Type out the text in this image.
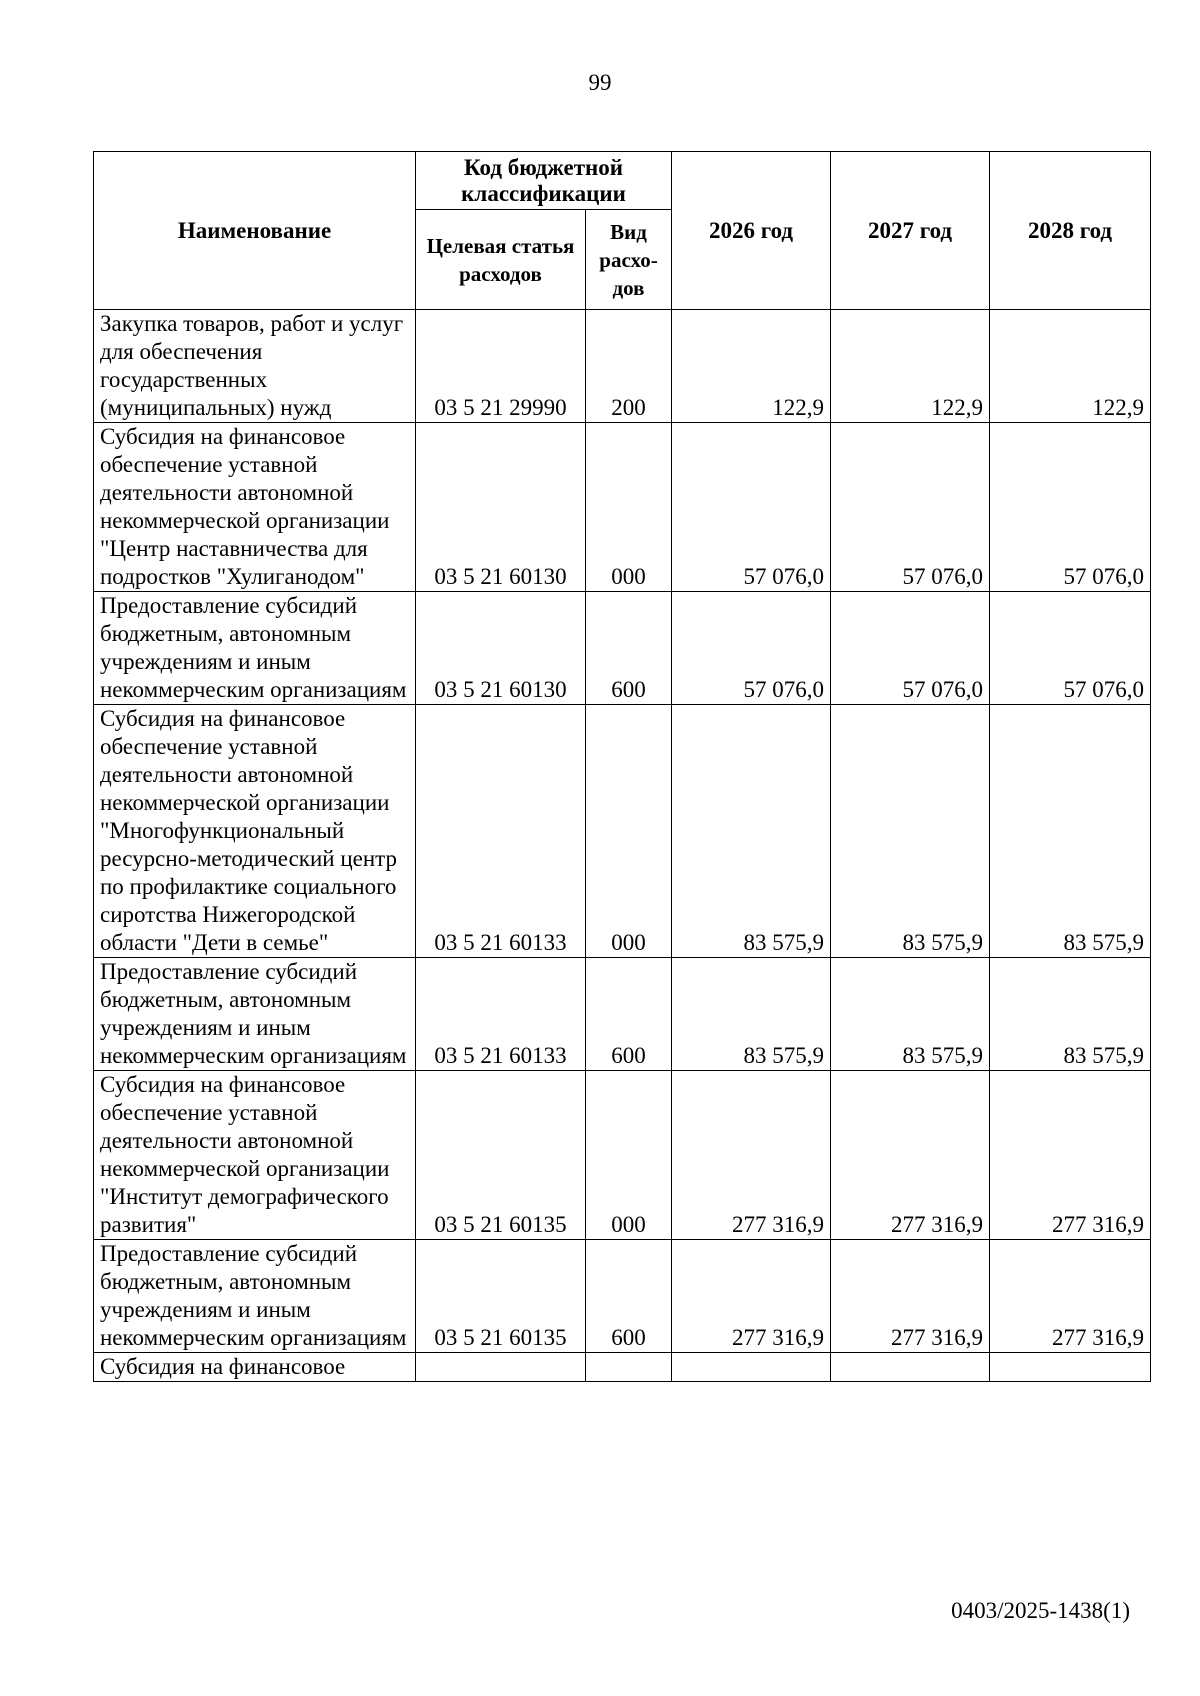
99
Наименование	Код бюджетной классификации		2026 год	2027 год	2028 год
	Целевая статья расходов	Вид расхо-дов			
Закупка товаров, работ и услуг для обеспечения государственных (муниципальных) нужд	03 5 21 29990	200	122,9	122,9	122,9
Субсидия на финансовое обеспечение уставной деятельности автономной некоммерческой организации "Центр наставничества для подростков "Хулиганодом"	03 5 21 60130	000	57 076,0	57 076,0	57 076,0
Предоставление субсидий бюджетным, автономным учреждениям и иным некоммерческим организациям	03 5 21 60130	600	57 076,0	57 076,0	57 076,0
Субсидия на финансовое обеспечение уставной деятельности автономной некоммерческой организации "Многофункциональный ресурсно-методический центр по профилактике социального сиротства Нижегородской области "Дети в семье"	03 5 21 60133	000	83 575,9	83 575,9	83 575,9
Предоставление субсидий бюджетным, автономным учреждениям и иным некоммерческим организациям	03 5 21 60133	600	83 575,9	83 575,9	83 575,9
Субсидия на финансовое обеспечение уставной деятельности автономной некоммерческой организации "Институт демографического развития"	03 5 21 60135	000	277 316,9	277 316,9	277 316,9
Предоставление субсидий бюджетным, автономным учреждениям и иным некоммерческим организациям	03 5 21 60135	600	277 316,9	277 316,9	277 316,9
Субсидия на финансовое					
0403/2025-1438(1)
